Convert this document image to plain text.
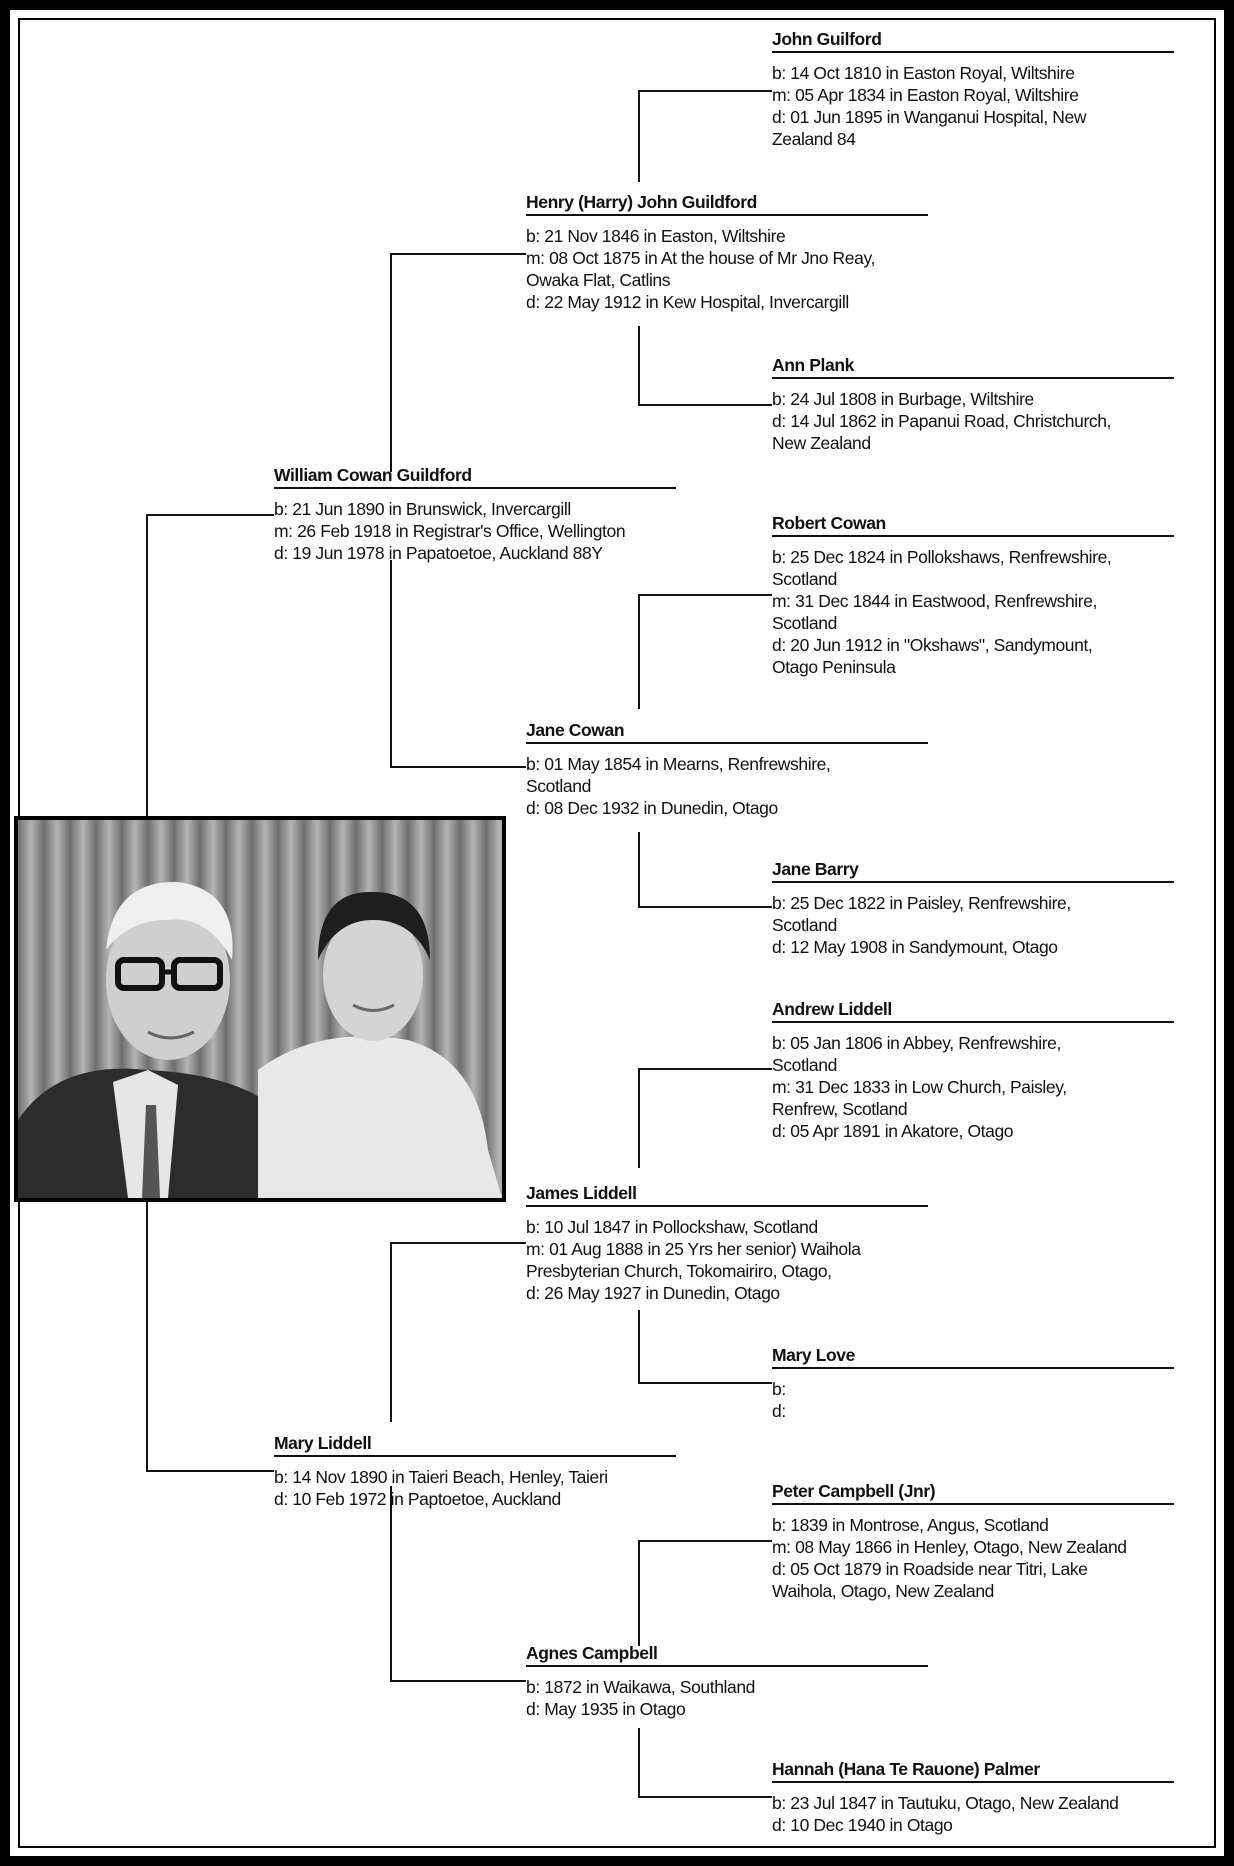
John Guilford
b: 14 Oct 1810 in Easton Royal, Wiltshire
m: 05 Apr 1834 in Easton Royal, Wiltshire
d: 01 Jun 1895 in Wanganui Hospital, New
Zealand 84
Henry (Harry) John Guildford
b: 21 Nov 1846 in Easton, Wiltshire
m: 08 Oct 1875 in At the house of Mr Jno Reay,
Owaka Flat, Catlins
d: 22 May 1912 in Kew Hospital, Invercargill
Ann Plank
b: 24 Jul 1808 in Burbage, Wiltshire
d: 14 Jul 1862 in Papanui Road, Christchurch,
New Zealand
William Cowan Guildford
b: 21 Jun 1890 in Brunswick, Invercargill
m: 26 Feb 1918 in Registrar's Office, Wellington
d: 19 Jun 1978 in Papatoetoe, Auckland 88Y
Robert Cowan
b: 25 Dec 1824 in Pollokshaws, Renfrewshire,
Scotland
m: 31 Dec 1844 in Eastwood, Renfrewshire,
Scotland
d: 20 Jun 1912 in "Okshaws", Sandymount,
Otago Peninsula
Jane Cowan
b: 01 May 1854 in Mearns, Renfrewshire,
Scotland
d: 08 Dec 1932 in Dunedin, Otago
Jane Barry
b: 25 Dec 1822 in Paisley, Renfrewshire,
Scotland
d: 12 May 1908 in Sandymount, Otago
Andrew Liddell
b: 05 Jan 1806 in Abbey, Renfrewshire,
Scotland
m: 31 Dec 1833 in Low Church, Paisley,
Renfrew, Scotland
d: 05 Apr 1891 in Akatore, Otago
James Liddell
b: 10 Jul 1847 in Pollockshaw, Scotland
m: 01 Aug 1888 in 25 Yrs her senior) Waihola
Presbyterian Church, Tokomairiro, Otago,
d: 26 May 1927 in Dunedin, Otago
Mary Love
b:
d:
Mary Liddell
b: 14 Nov 1890 in Taieri Beach, Henley, Taieri
d: 10 Feb 1972 in Paptoetoe, Auckland	Peter Campbell (Jnr)
b: 1839 in Montrose, Angus, Scotland
m: 08 May 1866 in Henley, Otago, New Zealand
d: 05 Oct 1879 in Roadside near Titri, Lake
Waihola, Otago, New Zealand
Agnes Campbell
b: 1872 in Waikawa, Southland
d: May 1935 in Otago
Hannah (Hana Te Rauone) Palmer
b: 23 Jul 1847 in Tautuku, Otago, New Zealand
d: 10 Dec 1940 in Otago
